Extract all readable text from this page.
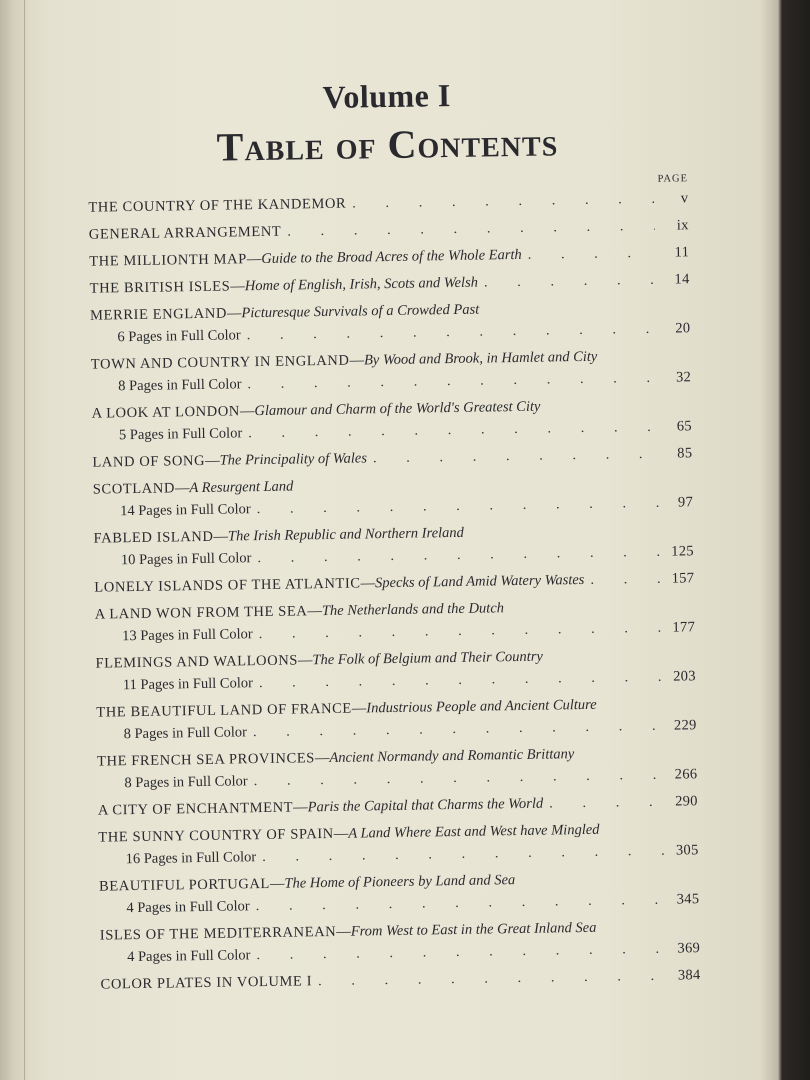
Volume I
Table of Contents
PAGE
THE COUNTRY OF THE KANDEMOR . . .	v
GENERAL ARRANGEMENT . . .	ix
THE MILLIONTH MAP — Guide to the Broad Acres of the Whole Earth . . .	11
THE BRITISH ISLES — Home of English, Irish, Scots and Welsh . . .	14
MERRIE ENGLAND — Picturesque Survivals of a Crowded Past
6 Pages in Full Color . . .	20
TOWN AND COUNTRY IN ENGLAND — By Wood and Brook, in Hamlet and City
8 Pages in Full Color . . .	32
A LOOK AT LONDON — Glamour and Charm of the World's Greatest City
5 Pages in Full Color . . .	65
LAND OF SONG — The Principality of Wales . . .	85
SCOTLAND — A Resurgent Land
14 Pages in Full Color . . .	97
FABLED ISLAND — The Irish Republic and Northern Ireland
10 Pages in Full Color . . .	125
LONELY ISLANDS OF THE ATLANTIC — Specks of Land Amid Watery Wastes . . .	157
A LAND WON FROM THE SEA — The Netherlands and the Dutch
13 Pages in Full Color . . .	177
FLEMINGS AND WALLOONS — The Folk of Belgium and Their Country
11 Pages in Full Color . . .	203
THE BEAUTIFUL LAND OF FRANCE — Industrious People and Ancient Culture
8 Pages in Full Color . . .	229
THE FRENCH SEA PROVINCES — Ancient Normandy and Romantic Brittany
8 Pages in Full Color . . .	266
A CITY OF ENCHANTMENT — Paris the Capital that Charms the World . . .	290
THE SUNNY COUNTRY OF SPAIN — A Land Where East and West have Mingled
16 Pages in Full Color . . .	305
BEAUTIFUL PORTUGAL — The Home of Pioneers by Land and Sea
4 Pages in Full Color . . .	345
ISLES OF THE MEDITERRANEAN — From West to East in the Great Inland Sea
4 Pages in Full Color . . .	369
COLOR PLATES IN VOLUME I . . .	384
